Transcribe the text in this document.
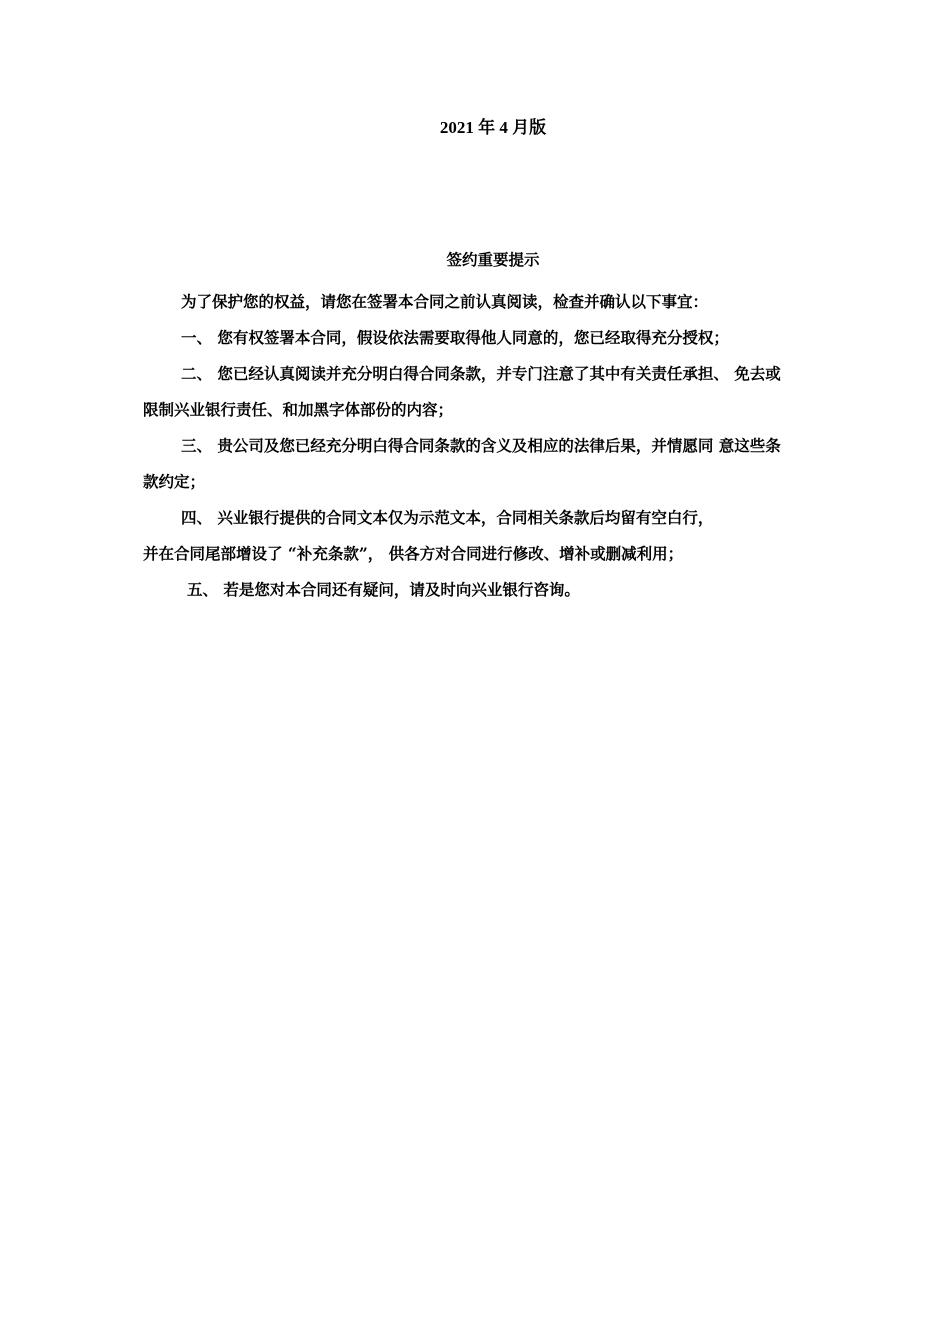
2021 年 4 月版
签约重要提示

为了保护您的权益，请您在签署本合同之前认真阅读，检查并确认以下事宜：

一、 您有权签署本合同，假设依法需要取得他人同意的，您已经取得充分授权；

二、 您已经认真阅读并充分明白得合同条款，并专门注意了其中有关责任承担、 免去或
限制兴业银行责任、和加黑字体部份的内容；

三、 贵公司及您已经充分明白得合同条款的含义及相应的法律后果，并情愿同 意这些条
款约定；

四、 兴业银行提供的合同文本仅为示范文本，合同相关条款后均留有空白行，
并在合同尾部增设了 “补充条款”， 供各方对合同进行修改、增补或删减利用；

五、 若是您对本合同还有疑问，请及时向兴业银行咨询。
